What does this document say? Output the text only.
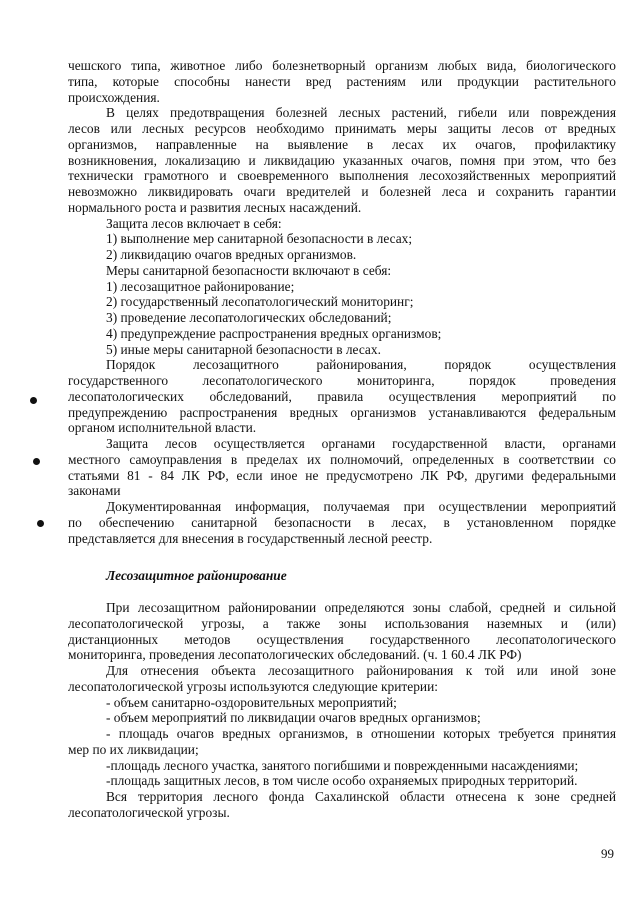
чешского типа, животное либо болезнетворный организм любых вида, биологического

типа, которые способны нанести вред растениям или продукции растительного

происхождения.

В целях предотвращения болезней лесных растений, гибели или повреждения

лесов или лесных ресурсов необходимо принимать меры защиты лесов от вредных

организмов, направленные на выявление в лесах их очагов, профилактику

возникновения, локализацию и ликвидацию указанных очагов, помня при этом, что без

технически грамотного и своевременного выполнения лесохозяйственных мероприятий

невозможно ликвидировать очаги вредителей и болезней леса и сохранить гарантии

нормального роста и развития лесных насаждений.

Защита лесов включает в себя:

1) выполнение мер санитарной безопасности в лесах;

2) ликвидацию очагов вредных организмов.

Меры санитарной безопасности включают в себя:

1) лесозащитное районирование;

2) государственный лесопатологический мониторинг;

3) проведение лесопатологических обследований;

4) предупреждение распространения вредных организмов;

5) иные меры санитарной безопасности в лесах.

Порядок лесозащитного районирования, порядок осуществления

государственного лесопатологического мониторинга, порядок проведения

лесопатологических обследований, правила осуществления мероприятий по

предупреждению распространения вредных организмов устанавливаются федеральным

органом исполнительной власти.

Защита лесов осуществляется органами государственной власти, органами

местного самоуправления в пределах их полномочий, определенных в соответствии со

статьями 81 - 84 ЛК РФ, если иное не предусмотрено ЛК РФ, другими федеральными

законами

Документированная информация, получаемая при осуществлении мероприятий

по обеспечению санитарной безопасности в лесах, в установленном порядке

представляется для внесения в государственный лесной реестр.

Лесозащитное районирование

При лесозащитном районировании определяются зоны слабой, средней и сильной

лесопатологической угрозы, а также зоны использования наземных и (или)

дистанционных методов осуществления государственного лесопатологического

мониторинга, проведения лесопатологических обследований. (ч. 1 60.4 ЛК РФ)

Для отнесения объекта лесозащитного районирования к той или иной зоне

лесопатологической угрозы используются следующие критерии:

- объем санитарно-оздоровительных мероприятий;

- объем мероприятий по ликвидации очагов вредных организмов;

- площадь очагов вредных организмов, в отношении которых требуется принятия

мер по их ликвидации;

-площадь лесного участка, занятого погибшими и поврежденными насаждениями;

-площадь защитных лесов, в том числе особо охраняемых природных территорий.

Вся территория лесного фонда Сахалинской области отнесена к зоне средней

лесопатологической угрозы.

99
